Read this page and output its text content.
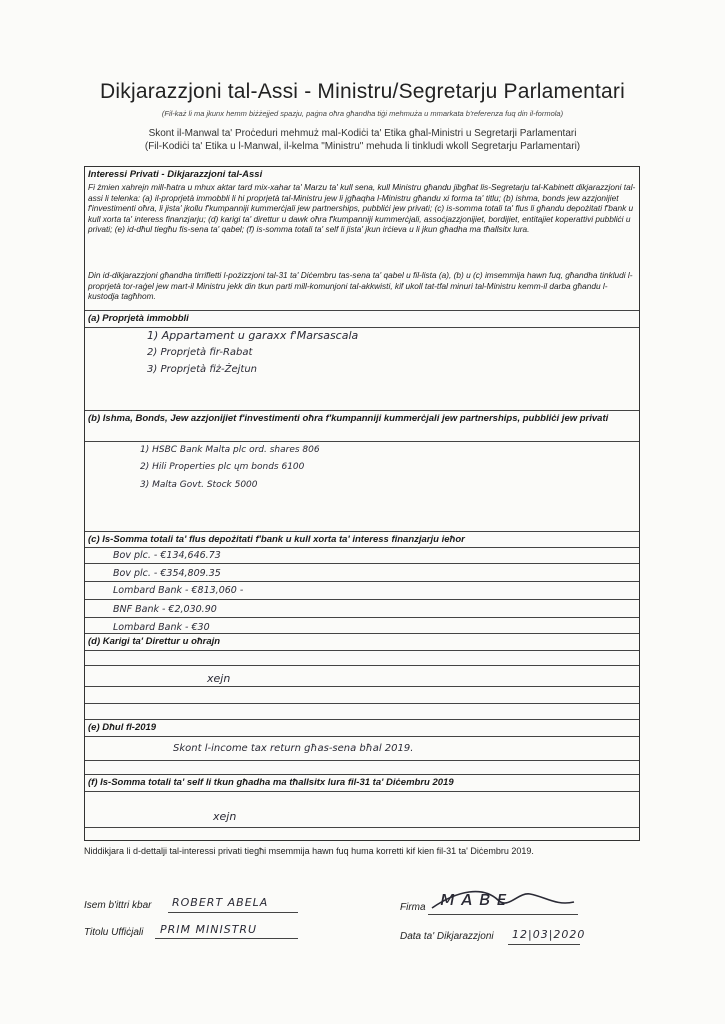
Dikjarazzjoni tal-Assi - Ministru/Segretarju Parlamentari
(Fil-każ li ma jkunx hemm biżżejjed spazju, paġna oħra għandha tiġi mehmuża u mmarkata b'referenza fuq din il-formola)
Skont il-Manwal ta' Proċeduri mehmuż mal-Kodiċi ta' Etika għal-Ministri u Segretarji Parlamentari
(Fil-Kodiċi ta' Etika u l-Manwal, il-kelma "Ministru" mehuda li tinkludi wkoll Segretarju Parlamentari)
Interessi Privati - Dikjarazzjoni tal-Assi
Fi żmien xahrejn mill-ħatra u mhux aktar tard mix-xahar ta' Marzu ta' kull sena, kull Ministru għandu jibgħat lis-Segretarju tal-Kabinett dikjarazzjoni tal-assi li telenka: (a) il-proprjetà immobbli li hi proprjetà tal-Ministru jew li jgħaqha l-Ministru għandu xi forma ta' titlu; (b) ishma, bonds jew azzjonijiet f'investimenti oħra, li jista' jkollu f'kumpanniji kummerċjali jew partnerships, pubbliċi jew privati; (c) is-somma totali ta' flus li għandu depożitati f'bank u kull xorta ta' interess finanzjarju; (d) karigi ta' direttur u dawk oħra f'kumpanniji kummerċjali, assoċjazzjonijiet, bordijiet, entitajiet koperattivi pubbliċi u privati; (e) id-dħul tiegħu fis-sena ta' qabel; (f) is-somma totali ta' self li jista' jkun irċieva u li jkun għadha ma tħallsitx lura.
Din id-dikjarazzjoni għandha tirrifletti l-pożizzjoni tal-31 ta' Diċembru tas-sena ta' qabel u fil-lista (a), (b) u (c) imsemmija hawn fuq, għandha tinkludi l-proprjetà tor-raġel jew mart-il Ministru jekk din tkun parti mill-komunjoni tal-akkwisti, kif ukoll tat-tfal minuri tal-Ministru kemm-il darba għandu l-kustodja tagħhom.
(a) Proprjetà immobbli
1) Appartament u garaxx f'Marsascala
2) Proprjetà fir-Rabat
3) Proprjetà fiż-Żejtun
(b) Ishma, Bonds, Jew azzjonijiet f'investimenti oħra f'kumpanniji kummerċjali jew partnerships, pubbliċi jew privati
1) HSBC Bank Malta plc ord. shares 806
2) Hili Properties plc ųm bonds 6100
3) Malta Govt. Stock 5000
(c) Is-Somma totali ta' flus depożitati f'bank u kull xorta ta' interess finanzjarju ieħor
Bov plc. - €134,646.73
Bov plc. - €354,809.35
Lombard Bank - €813,060 -
BNF Bank - €2,030.90
Lombard Bank - €30
(d) Karigi ta' Direttur u oħrajn
xejn
(e) Dħul fl-2019
Skont l-income tax return għas-sena bħal 2019.
(f) Is-Somma totali ta' self li tkun għadha ma tħallsitx lura fil-31 ta' Diċembru 2019
xejn
Niddikjara li d-dettalji tal-interessi privati tiegħi msemmija hawn fuq huma korretti kif kien fil-31 ta' Diċembru 2019.
Isem b'ittri kbar ROBERT ABELA
Titolu Uffiċjali PRIM MINISTRU
Firma ᴍᴀʙᴇ
Data ta' Dikjarazzjoni 12|03|2020
